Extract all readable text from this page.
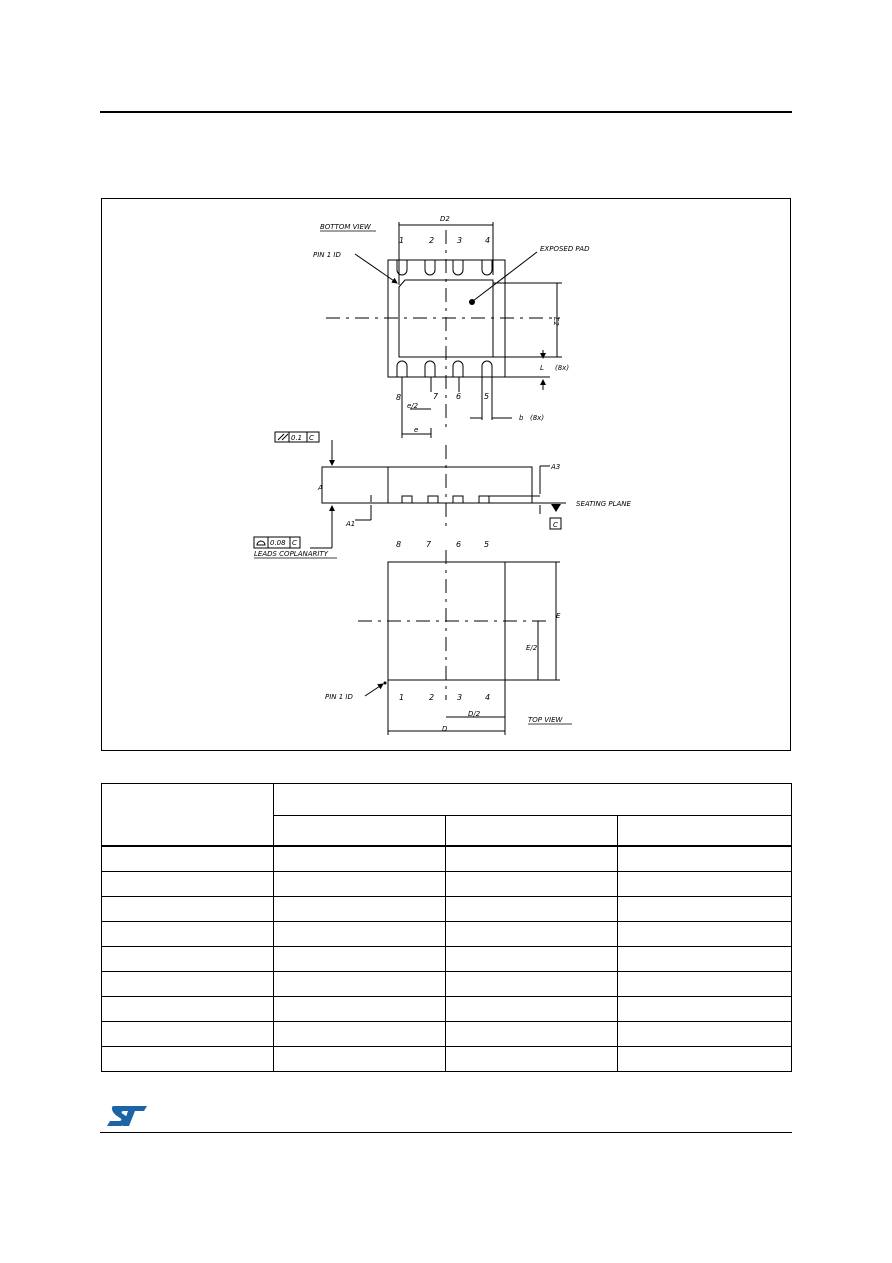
BOTTOM VIEW
PIN 1 ID
EXPOSED PAD
D2
E2
L (8x)
b (8x)
e/2
e
1	2	3	4
8	7 6	5
0.1 C
0.08 C
LEADS COPLANARITY
A
A1
A3
SEATING PLANE
C
E
E/2
D
D/2
PIN 1 ID
TOP VIEW
8	7	6	5
1	2	3	4
